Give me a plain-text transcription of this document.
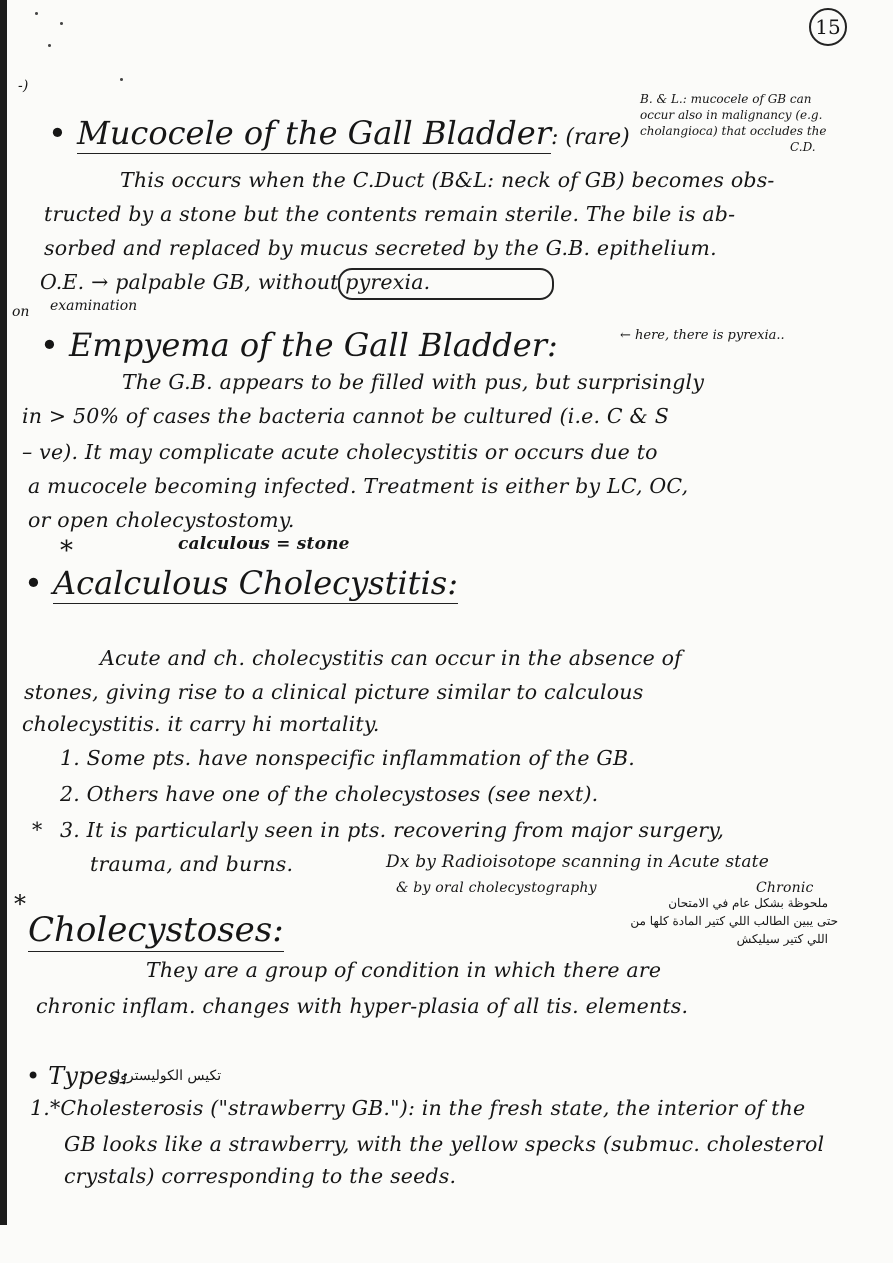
15
-)
B. & L.: mucocele of GB can
occur also in malignancy (e.g.
cholangioca) that occludes the
C.D.
• Mucocele of the Gall Bladder: (rare)
This occurs when the C.Duct (B&L: neck of GB) becomes obs-
tructed by a stone but the contents remain sterile. The bile is ab-
sorbed and replaced by mucus secreted by the G.B. epithelium.
O.E. → palpable GB, without pyrexia.
on examination
• Empyema of the Gall Bladder:	← here, there is pyrexia..
The G.B. appears to be filled with pus, but surprisingly
in > 50% of cases the bacteria cannot be cultured (i.e. C & S
– ve). It may complicate acute cholecystitis or occurs due to
a mucocele becoming infected. Treatment is either by LC, OC,
or open cholecystostomy.
*	calculous = stone
• Acalculous Cholecystitis:
Acute and ch. cholecystitis can occur in the absence of
stones, giving rise to a clinical picture similar to calculous
cholecystitis. it carry hi mortality.
1. Some pts. have nonspecific inflammation of the GB.
2. Others have one of the cholecystoses (see next).
* 3. It is particularly seen in pts. recovering from major surgery,
trauma, and burns.	Dx by Radioisotope scanning in Acute state
& by oral cholecystography	Chronic
*
Cholecystoses:
ملحوظة بشكل عام في الامتحان
حتى يبين الطالب اللي كتير المادة كلها من
اللي كتير سيليكش
They are a group of condition in which there are
chronic inflam. changes with hyper-plasia of all tis. elements.
• Types:
تكيس الكوليسترول
1.*Cholesterosis ("strawberry GB."): in the fresh state, the interior of the
GB looks like a strawberry, with the yellow specks (submuc. cholesterol
crystals) corresponding to the seeds.
